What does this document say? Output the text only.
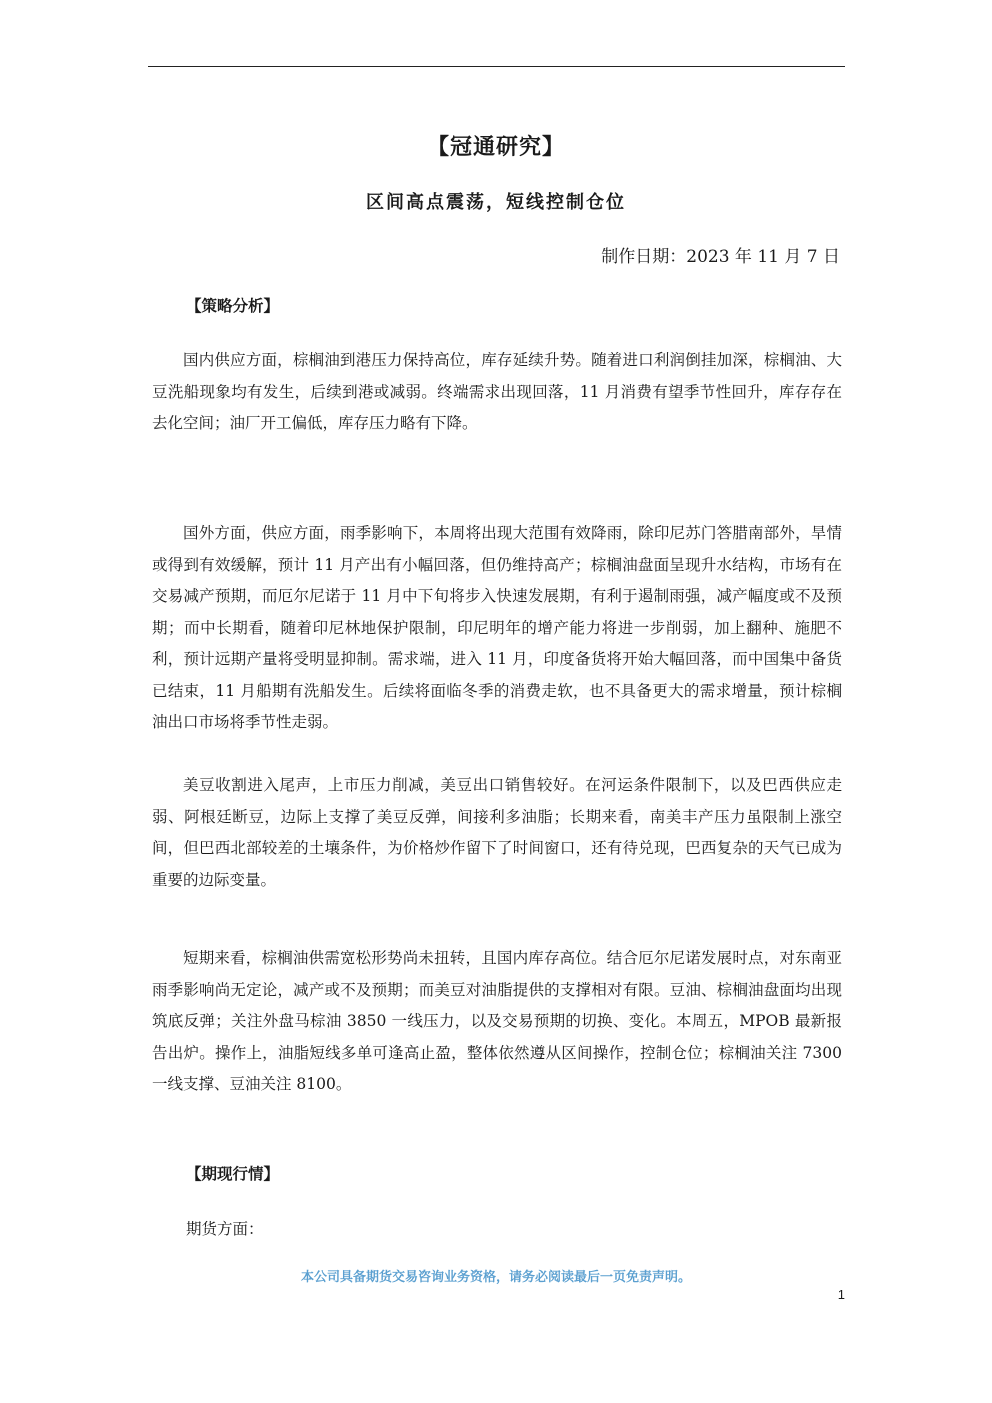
【冠通研究】
区间高点震荡，短线控制仓位
制作日期：2023 年 11 月 7 日
【策略分析】

国内供应方面，棕榈油到港压力保持高位，库存延续升势。随着进口利润倒挂加深，棕榈油、大豆洗船现象均有发生，后续到港或减弱。终端需求出现回落，11 月消费有望季节性回升，库存存在去化空间；油厂开工偏低，库存压力略有下降。

国外方面，供应方面，雨季影响下，本周将出现大范围有效降雨，除印尼苏门答腊南部外，旱情或得到有效缓解，预计 11 月产出有小幅回落，但仍维持高产；棕榈油盘面呈现升水结构，市场有在交易减产预期，而厄尔尼诺于 11 月中下旬将步入快速发展期，有利于遏制雨强，减产幅度或不及预期；而中长期看，随着印尼林地保护限制，印尼明年的增产能力将进一步削弱，加上翻种、施肥不利，预计远期产量将受明显抑制。需求端，进入 11 月，印度备货将开始大幅回落，而中国集中备货已结束，11 月船期有洗船发生。后续将面临冬季的消费走软，也不具备更大的需求增量，预计棕榈油出口市场将季节性走弱。

美豆收割进入尾声，上市压力削减，美豆出口销售较好。在河运条件限制下，以及巴西供应走弱、阿根廷断豆，边际上支撑了美豆反弹，间接利多油脂；长期来看，南美丰产压力虽限制上涨空间，但巴西北部较差的土壤条件，为价格炒作留下了时间窗口，还有待兑现，巴西复杂的天气已成为重要的边际变量。

短期来看，棕榈油供需宽松形势尚未扭转，且国内库存高位。结合厄尔尼诺发展时点，对东南亚雨季影响尚无定论，减产或不及预期；而美豆对油脂提供的支撑相对有限。豆油、棕榈油盘面均出现筑底反弹；关注外盘马棕油 3850 一线压力，以及交易预期的切换、变化。本周五，MPOB 最新报告出炉。操作上，油脂短线多单可逢高止盈，整体依然遵从区间操作，控制仓位；棕榈油关注 7300 一线支撑、豆油关注 8100。

【期现行情】
期货方面：
本公司具备期货交易咨询业务资格，请务必阅读最后一页免责声明。
1
